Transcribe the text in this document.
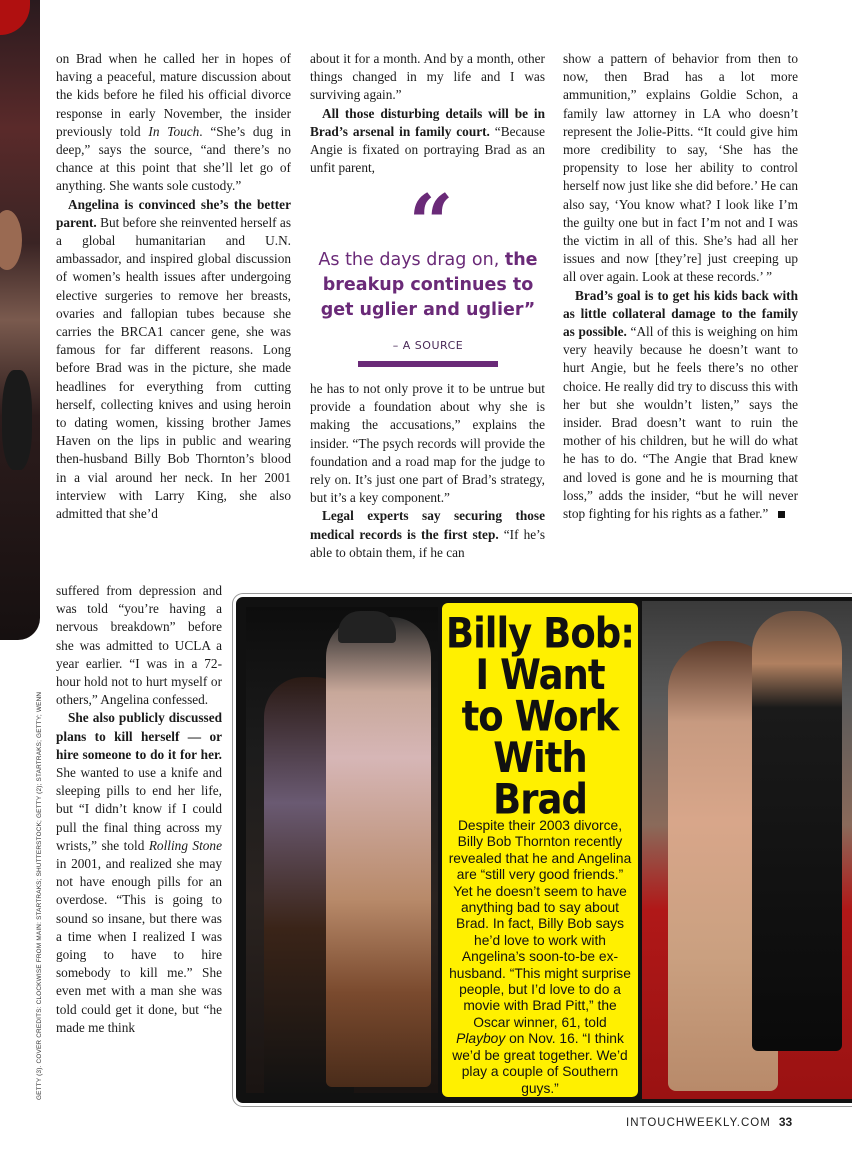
GETTY (3). COVER CREDITS: CLOCKWISE FROM MAIN: STARTRAKS; SHUTTERSTOCK; GETTY (2); STARTRAKS; GETTY; WENN

on Brad when he called her in hopes of having a peaceful, mature discussion about the kids before he filed his official divorce response in early November, the insider previously told In Touch. “She’s dug in deep,” says the source, “and there’s no chance at this point that she’ll let go of anything. She wants sole custody.”

Angelina is convinced she’s the better parent. But before she reinvented herself as a global humanitarian and U.N. ambassador, and inspired global discussion of women’s health issues after undergoing elective surgeries to remove her breasts, ovaries and fallopian tubes because she carries the BRCA1 cancer gene, she was famous for far different reasons. Long before Brad was in the picture, she made headlines for everything from cutting herself, collecting knives and using heroin to dating women, kissing brother James Haven on the lips in public and wearing then-husband Billy Bob Thornton’s blood in a vial around her neck. In her 2001 interview with Larry King, she also admitted that she’d

suffered from depression and was told “you’re having a nervous breakdown” before she was admitted to UCLA a year earlier. “I was in a 72-hour hold not to hurt myself or others,” Angelina confessed.

She also publicly discussed plans to kill herself — or hire someone to do it for her. She wanted to use a knife and sleeping pills to end her life, but “I didn’t know if I could pull the final thing across my wrists,” she told Rolling Stone in 2001, and realized she may not have enough pills for an overdose. “This is going to sound so insane, but there was a time when I realized I was going to have to hire somebody to kill me.” She even met with a man she was told could get it done, but “he made me think

about it for a month. And by a month, other things changed in my life and I was surviving again.”

All those disturbing details will be in Brad’s arsenal in family court. “Because Angie is fixated on portraying Brad as an unfit parent,

“
As the days drag on, the breakup continues to get uglier and uglier”
– A SOURCE

he has to not only prove it to be untrue but provide a foundation about why she is making the accusations,” explains the insider. “The psych records will provide the foundation and a road map for the judge to rely on. It’s just one part of Brad’s strategy, but it’s a key component.”

Legal experts say securing those medical records is the first step. “If he’s able to obtain them, if he can

show a pattern of behavior from then to now, then Brad has a lot more ammunition,” explains Goldie Schon, a family law attorney in LA who doesn’t represent the Jolie-Pitts. “It could give him more credibility to say, ‘She has the propensity to lose her ability to control herself now just like she did before.’ He can also say, ‘You know what? I look like I’m the guilty one but in fact I’m not and I was the victim in all of this. She’s had all her issues and now [they’re] just creeping up all over again. Look at these records.’ ”

Brad’s goal is to get his kids back with as little collateral damage to the family as possible. “All of this is weighing on him very heavily because he doesn’t want to hurt Angie, but he feels there’s no other choice. He really did try to discuss this with her but she wouldn’t listen,” says the insider. Brad doesn’t want to ruin the mother of his children, but he will do what he has to do. “The Angie that Brad knew and loved is gone and he is mourning that loss,” adds the insider, “but he will never stop fighting for his rights as a father.”

Billy Bob:
I Want
to Work
With Brad
Despite their 2003 divorce, Billy Bob Thornton recently revealed that he and Angelina are “still very good friends.” Yet he doesn’t seem to have anything bad to say about Brad. In fact, Billy Bob says he’d love to work with Angelina’s soon-to-be ex-husband. “This might surprise people, but I’d love to do a movie with Brad Pitt,” the Oscar winner, 61, told Playboy on Nov. 16. “I think we’d be great together. We’d play a couple of Southern guys.”
INTOUCHWEEKLY.COM 33
